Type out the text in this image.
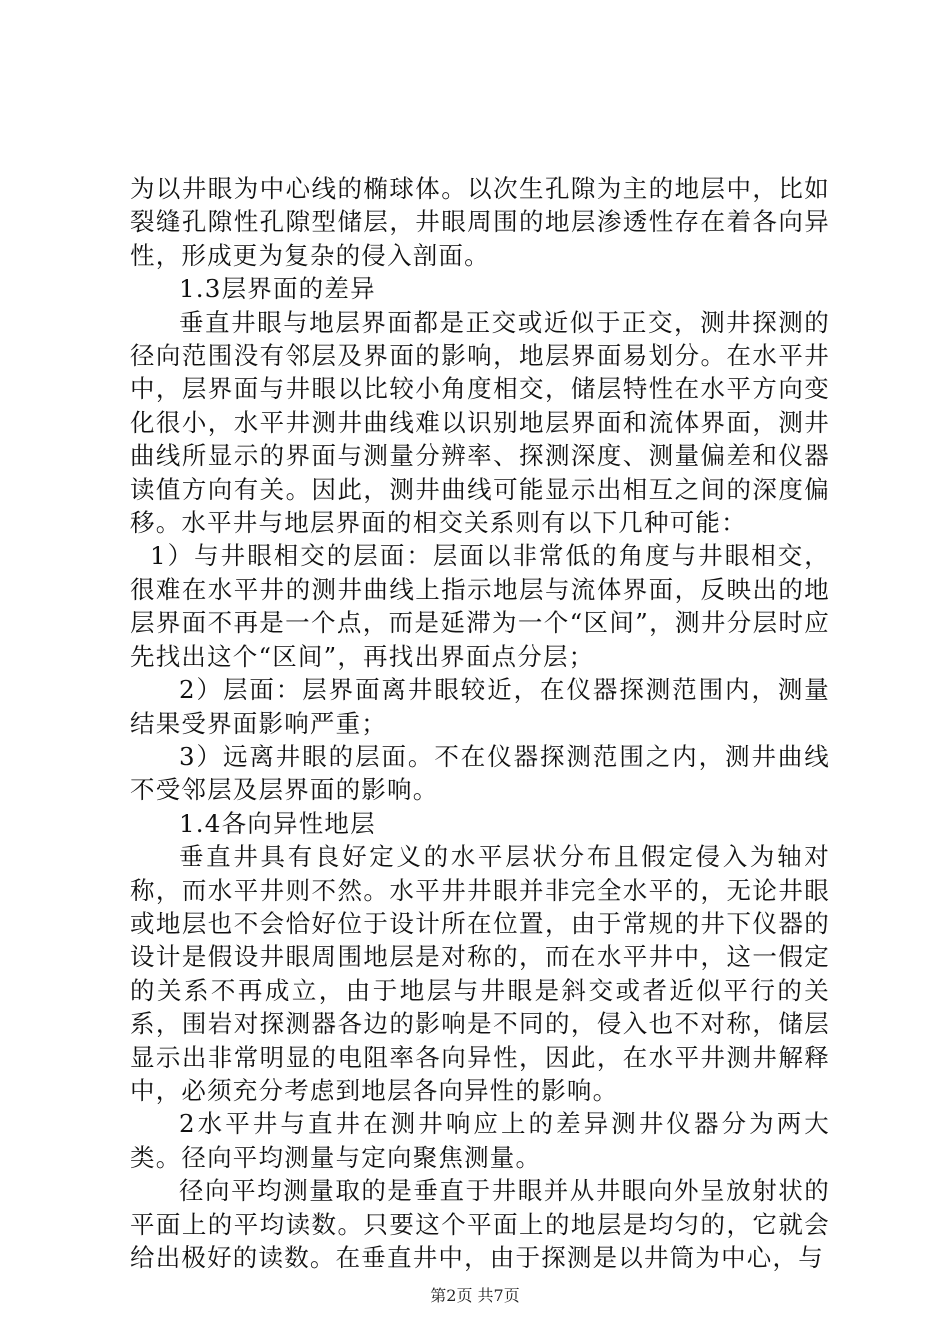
为以井眼为中心线的椭球体。以次生孔隙为主的地层中，比如裂缝孔隙性孔隙型储层，井眼周围的地层渗透性存在着各向异性，形成更为复杂的侵入剖面。

1.3层界面的差异

垂直井眼与地层界面都是正交或近似于正交，测井探测的径向范围没有邻层及界面的影响，地层界面易划分。在水平井中，层界面与井眼以比较小角度相交，储层特性在水平方向变化很小，水平井测井曲线难以识别地层界面和流体界面，测井曲线所显示的界面与测量分辨率、探测深度、测量偏差和仪器读值方向有关。因此，测井曲线可能显示出相互之间的深度偏移。水平井与地层界面的相交关系则有以下几种可能：

1）与井眼相交的层面：层面以非常低的角度与井眼相交，很难在水平井的测井曲线上指示地层与流体界面，反映出的地层界面不再是一个点，而是延滞为一个“区间”，测井分层时应先找出这个“区间”，再找出界面点分层；

2）层面：层界面离井眼较近，在仪器探测范围内，测量结果受界面影响严重；

3）远离井眼的层面。不在仪器探测范围之内，测井曲线不受邻层及层界面的影响。

1.4各向异性地层

垂直井具有良好定义的水平层状分布且假定侵入为轴对称，而水平井则不然。水平井井眼并非完全水平的，无论井眼或地层也不会恰好位于设计所在位置，由于常规的井下仪器的设计是假设井眼周围地层是对称的，而在水平井中，这一假定的关系不再成立，由于地层与井眼是斜交或者近似平行的关系，围岩对探测器各边的影响是不同的，侵入也不对称，储层显示出非常明显的电阻率各向异性，因此，在水平井测井解释中，必须充分考虑到地层各向异性的影响。

2水平井与直井在测井响应上的差异测井仪器分为两大类。径向平均测量与定向聚焦测量。

径向平均测量取的是垂直于井眼并从井眼向外呈放射状的平面上的平均读数。只要这个平面上的地层是均匀的，它就会给出极好的读数。在垂直井中，由于探测是以井筒为中心，与

第2页 共7页
